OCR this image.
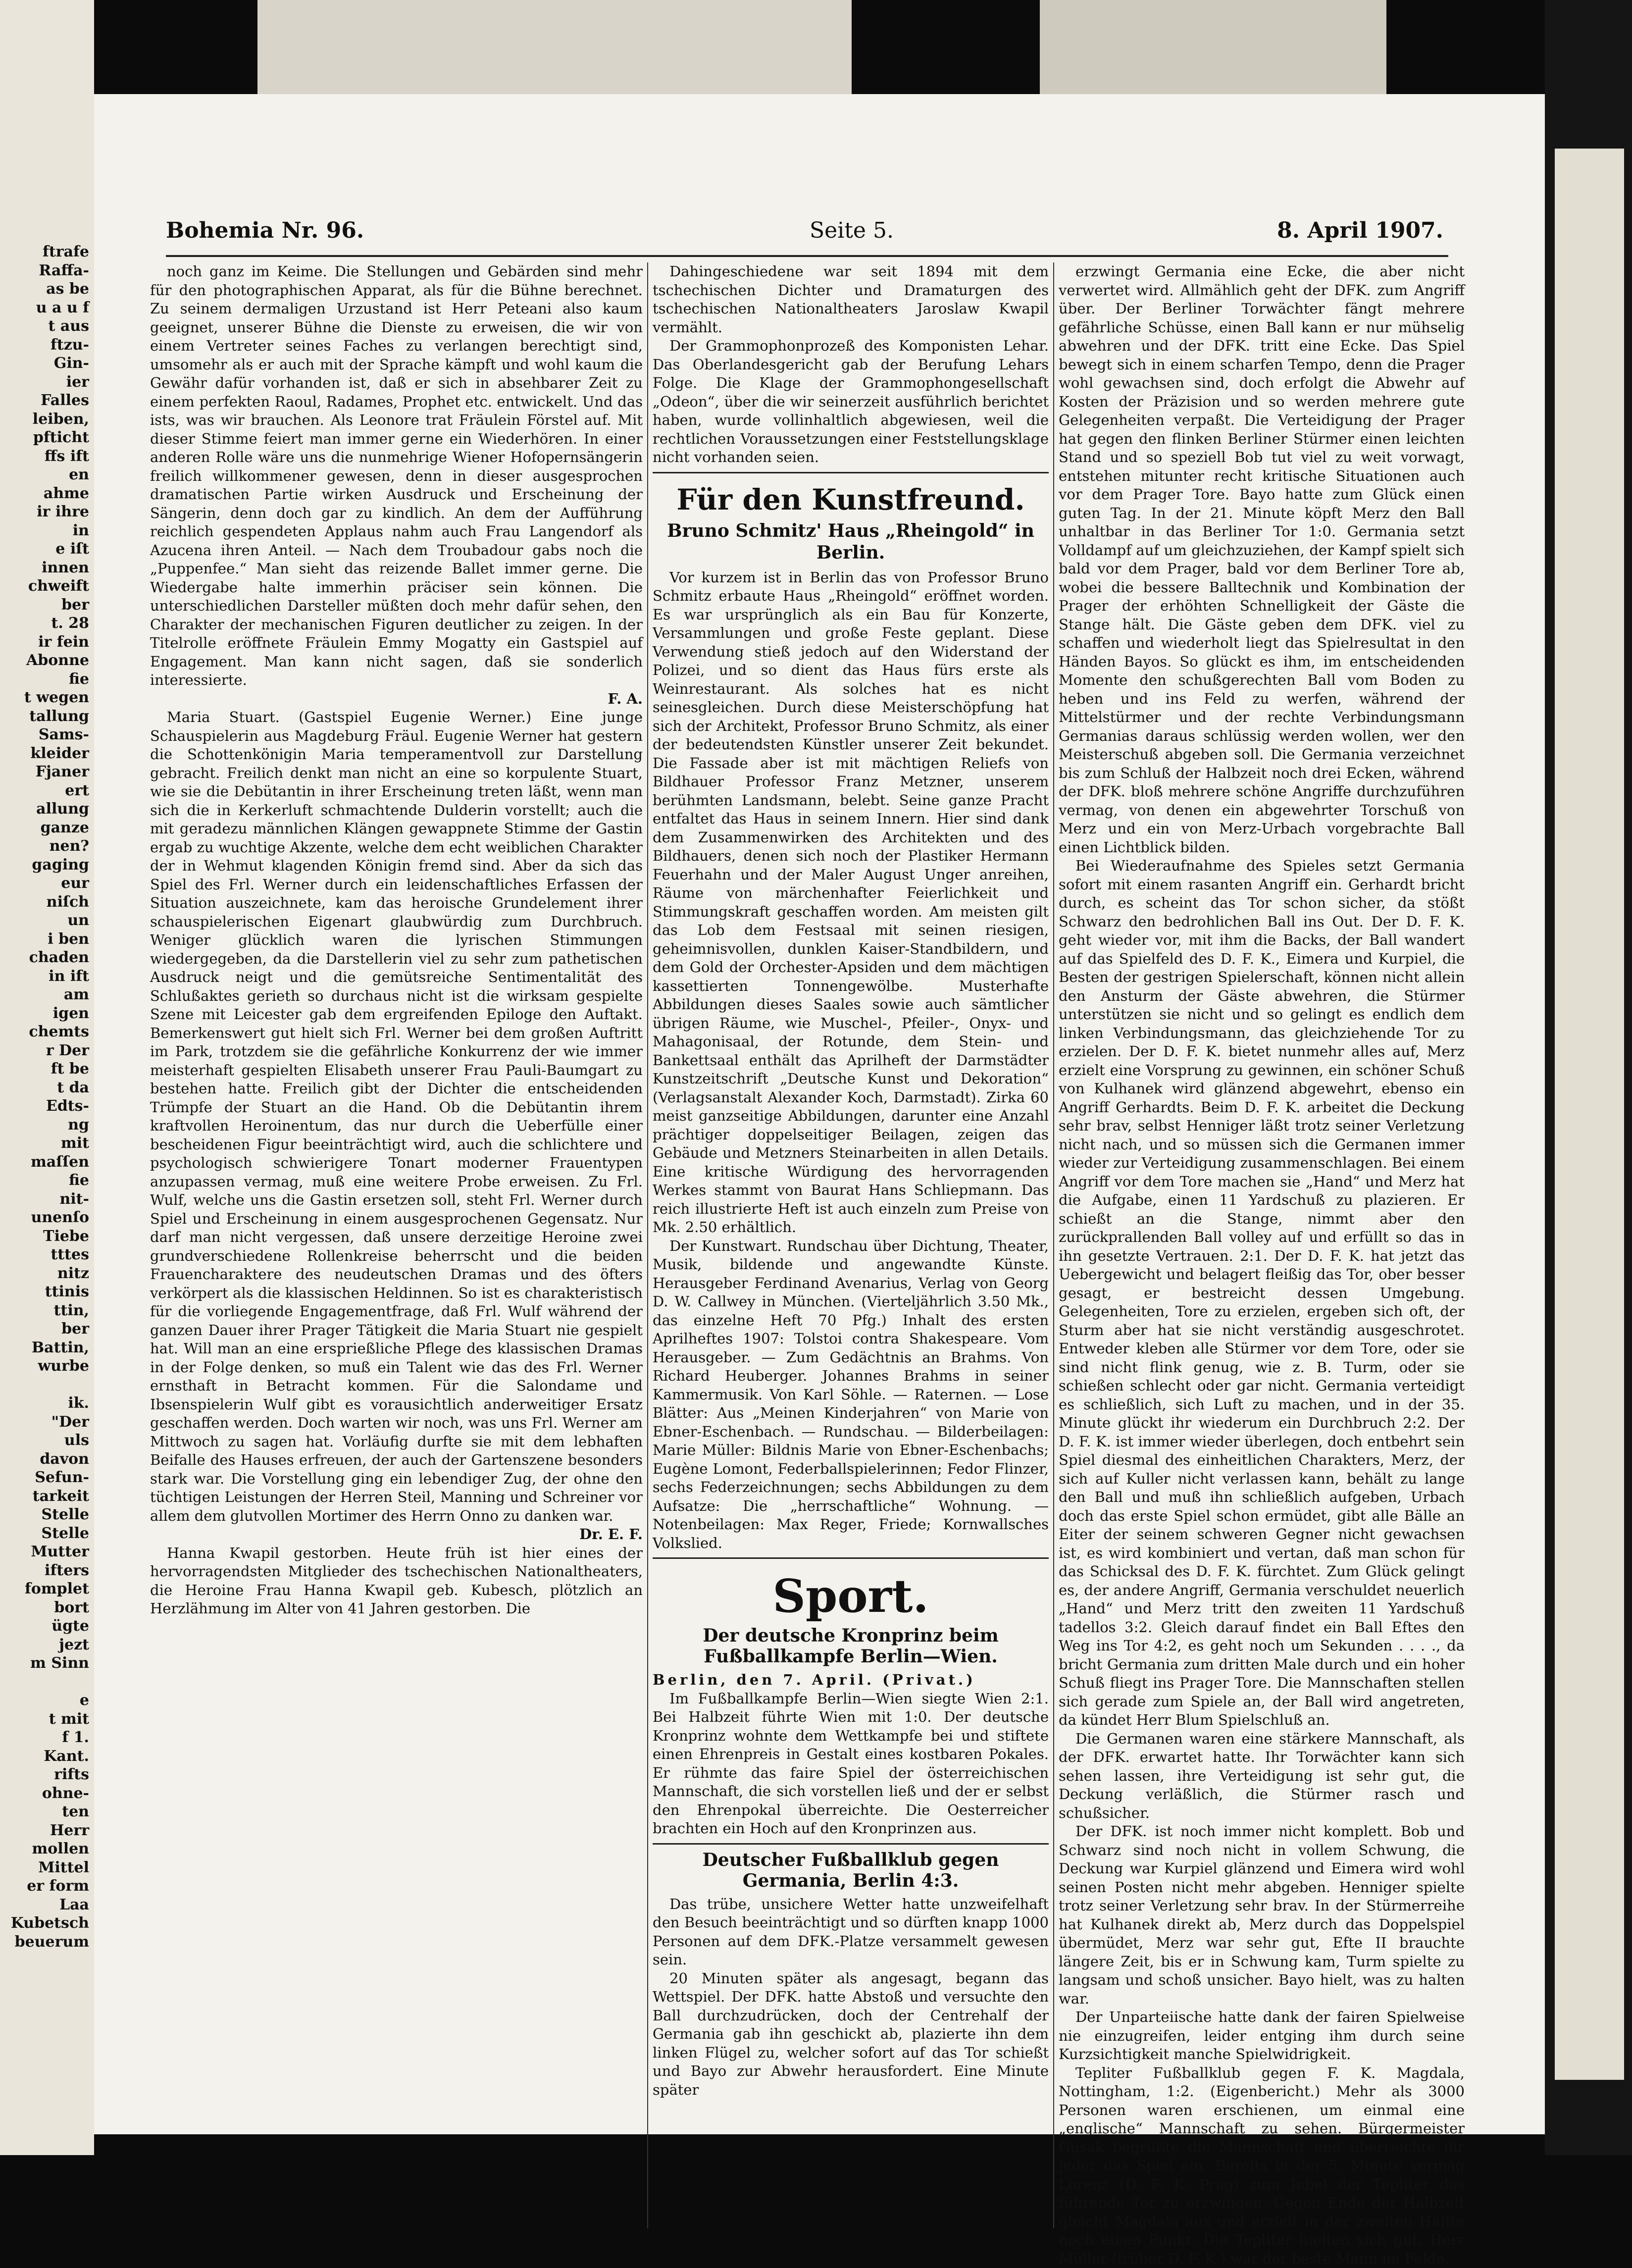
ftrafe
Raffa-
as be
u a u f
t aus
ftzu-
Gin-
ier
Falles
leiben,
pfticht
ffs ift
en
ahme
ir ihre
in
e iſt
innen
chweift
ber
t. 28
ir fein
Abonne
fie
t wegen
tallung
Sams-
kleider
Fjaner
ert
allung
ganze
nen?
gaging
eur
niſch
un
i ben
chaden
in ift
am
igen
chemts
r Der
ft be
t da
Edts-
ng
mit
maſſen
fie
nit-
unenſo
Tiebe
tttes
nitz
ttinis
ttin,
ber
Battin,
wurbe

ik.
"Der
uls
davon
Sefun-
tarkeit
Stelle
Stelle
Mutter
ifters
fomplet
bort
ügte
jezt
m Sinn

e
t mit
f 1.
Kant.
rifts
ohne-
ten
Herr
mollen
Mittel
er form
Laa
Kubetsch
beuerum
Bohemia Nr. 96.	Seite 5.	8. April 1907.

noch ganz im Keime. Die Stellungen und Gebärden sind mehr für den photographischen Apparat, als für die Bühne berechnet. Zu seinem dermaligen Urzustand ist Herr Peteani also kaum geeignet, unserer Bühne die Dienste zu erweisen, die wir von einem Vertreter seines Faches zu verlangen berechtigt sind, umsomehr als er auch mit der Sprache kämpft und wohl kaum die Gewähr dafür vorhanden ist, daß er sich in absehbarer Zeit zu einem perfekten Raoul, Radames, Prophet etc. entwickelt. Und das ists, was wir brauchen. Als Leonore trat Fräulein Förstel auf. Mit dieser Stimme feiert man immer gerne ein Wiederhören. In einer anderen Rolle wäre uns die nunmehrige Wiener Hofopernsängerin freilich willkommener gewesen, denn in dieser ausgesprochen dramatischen Partie wirken Ausdruck und Erscheinung der Sängerin, denn doch gar zu kindlich. An dem der Aufführung reichlich gespendeten Applaus nahm auch Frau Langendorf als Azucena ihren Anteil. — Nach dem Troubadour gabs noch die „Puppenfee.“ Man sieht das reizende Ballet immer gerne. Die Wiedergabe halte immerhin präciser sein können. Die unterschiedlichen Darsteller müßten doch mehr dafür sehen, den Charakter der mechanischen Figuren deutlicher zu zeigen. In der Titelrolle eröffnete Fräulein Emmy Mogatty ein Gastspiel auf Engagement. Man kann nicht sagen, daß sie sonderlich interessierte.

F. A.

Maria Stuart. (Gastspiel Eugenie Werner.) Eine junge Schauspielerin aus Magdeburg Fräul. Eugenie Werner hat gestern die Schottenkönigin Maria temperamentvoll zur Darstellung gebracht. Freilich denkt man nicht an eine so korpulente Stuart, wie sie die Debütantin in ihrer Erscheinung treten läßt, wenn man sich die in Kerkerluft schmachtende Dulderin vorstellt; auch die mit geradezu männlichen Klängen gewappnete Stimme der Gastin ergab zu wuchtige Akzente, welche dem echt weiblichen Charakter der in Wehmut klagenden Königin fremd sind. Aber da sich das Spiel des Frl. Werner durch ein leidenschaftliches Erfassen der Situation auszeichnete, kam das heroische Grundelement ihrer schauspielerischen Eigenart glaubwürdig zum Durchbruch. Weniger glücklich waren die lyrischen Stimmungen wiedergegeben, da die Darstellerin viel zu sehr zum pathetischen Ausdruck neigt und die gemütsreiche Sentimentalität des Schlußaktes gerieth so durchaus nicht ist die wirksam gespielte Szene mit Leicester gab dem ergreifenden Epiloge den Auftakt. Bemerkenswert gut hielt sich Frl. Werner bei dem großen Auftritt im Park, trotzdem sie die gefährliche Konkurrenz der wie immer meisterhaft gespielten Elisabeth unserer Frau Pauli-Baumgart zu bestehen hatte. Freilich gibt der Dichter die entscheidenden Trümpfe der Stuart an die Hand. Ob die Debütantin ihrem kraftvollen Heroinentum, das nur durch die Ueberfülle einer bescheidenen Figur beeinträchtigt wird, auch die schlichtere und psychologisch schwierigere Tonart moderner Frauentypen anzupassen vermag, muß eine weitere Probe erweisen. Zu Frl. Wulf, welche uns die Gastin ersetzen soll, steht Frl. Werner durch Spiel und Erscheinung in einem ausgesprochenen Gegensatz. Nur darf man nicht vergessen, daß unsere derzeitige Heroine zwei grundverschiedene Rollenkreise beherrscht und die beiden Frauencharaktere des neudeutschen Dramas und des öfters verkörpert als die klassischen Heldinnen. So ist es charakteristisch für die vorliegende Engagementfrage, daß Frl. Wulf während der ganzen Dauer ihrer Prager Tätigkeit die Maria Stuart nie gespielt hat. Will man an eine ersprießliche Pflege des klassischen Dramas in der Folge denken, so muß ein Talent wie das des Frl. Werner ernsthaft in Betracht kommen. Für die Salondame und Ibsenspielerin Wulf gibt es vorausichtlich anderweitiger Ersatz geschaffen werden. Doch warten wir noch, was uns Frl. Werner am Mittwoch zu sagen hat. Vorläufig durfte sie mit dem lebhaften Beifalle des Hauses erfreuen, der auch der Gartenszene besonders stark war. Die Vorstellung ging ein lebendiger Zug, der ohne den tüchtigen Leistungen der Herren Steil, Manning und Schreiner vor allem dem glutvollen Mortimer des Herrn Onno zu danken war.

Dr. E. F.

Hanna Kwapil gestorben. Heute früh ist hier eines der hervorragendsten Mitglieder des tschechischen Nationaltheaters, die Heroine Frau Hanna Kwapil geb. Kubesch, plötzlich an Herzlähmung im Alter von 41 Jahren gestorben. Die

Dahingeschiedene war seit 1894 mit dem tschechischen Dichter und Dramaturgen des tschechischen Nationaltheaters Jaroslaw Kwapil vermählt.

Der Grammophonprozeß des Komponisten Lehar. Das Oberlandesgericht gab der Berufung Lehars Folge. Die Klage der Grammophongesellschaft „Odeon“, über die wir seinerzeit ausführlich berichtet haben, wurde vollinhaltlich abgewiesen, weil die rechtlichen Voraussetzungen einer Feststellungsklage nicht vorhanden seien.

Für den Kunstfreund.
Bruno Schmitz' Haus „Rheingold“ in Berlin.

Vor kurzem ist in Berlin das von Professor Bruno Schmitz erbaute Haus „Rheingold“ eröffnet worden. Es war ursprünglich als ein Bau für Konzerte, Versammlungen und große Feste geplant. Diese Verwendung stieß jedoch auf den Widerstand der Polizei, und so dient das Haus fürs erste als Weinrestaurant. Als solches hat es nicht seinesgleichen. Durch diese Meisterschöpfung hat sich der Architekt, Professor Bruno Schmitz, als einer der bedeutendsten Künstler unserer Zeit bekundet. Die Fassade aber ist mit mächtigen Reliefs von Bildhauer Professor Franz Metzner, unserem berühmten Landsmann, belebt. Seine ganze Pracht entfaltet das Haus in seinem Innern. Hier sind dank dem Zusammenwirken des Architekten und des Bildhauers, denen sich noch der Plastiker Hermann Feuerhahn und der Maler August Unger anreihen, Räume von märchenhafter Feierlichkeit und Stimmungskraft geschaffen worden. Am meisten gilt das Lob dem Festsaal mit seinen riesigen, geheimnisvollen, dunklen Kaiser-Standbildern, und dem Gold der Orchester-Apsiden und dem mächtigen kassettierten Tonnengewölbe. Musterhafte Abbildungen dieses Saales sowie auch sämtlicher übrigen Räume, wie Muschel-, Pfeiler-, Onyx- und Mahagonisaal, der Rotunde, dem Stein- und Bankettsaal enthält das Aprilheft der Darmstädter Kunstzeitschrift „Deutsche Kunst und Dekoration“ (Verlagsanstalt Alexander Koch, Darmstadt). Zirka 60 meist ganzseitige Abbildungen, darunter eine Anzahl prächtiger doppelseitiger Beilagen, zeigen das Gebäude und Metzners Steinarbeiten in allen Details. Eine kritische Würdigung des hervorragenden Werkes stammt von Baurat Hans Schliepmann. Das reich illustrierte Heft ist auch einzeln zum Preise von Mk. 2.50 erhältlich.

Der Kunstwart. Rundschau über Dichtung, Theater, Musik, bildende und angewandte Künste. Herausgeber Ferdinand Avenarius, Verlag von Georg D. W. Callwey in München. (Vierteljährlich 3.50 Mk., das einzelne Heft 70 Pfg.) Inhalt des ersten Aprilheftes 1907: Tolstoi contra Shakespeare. Vom Herausgeber. — Zum Gedächtnis an Brahms. Von Richard Heuberger. Johannes Brahms in seiner Kammermusik. Von Karl Söhle. — Raternen. — Lose Blätter: Aus „Meinen Kinderjahren“ von Marie von Ebner-Eschenbach. — Rundschau. — Bilderbeilagen: Marie Müller: Bildnis Marie von Ebner-Eschenbachs; Eugène Lomont, Federballspielerinnen; Fedor Flinzer, sechs Federzeichnungen; sechs Abbildungen zu dem Aufsatze: Die „herrschaftliche“ Wohnung. — Notenbeilagen: Max Reger, Friede; Kornwallsches Volkslied.

Sport.
Der deutsche Kronprinz beim Fußballkampfe Berlin—Wien.

Berlin, den 7. April. (Privat.)

Im Fußballkampfe Berlin—Wien siegte Wien 2:1. Bei Halbzeit führte Wien mit 1:0. Der deutsche Kronprinz wohnte dem Wettkampfe bei und stiftete einen Ehrenpreis in Gestalt eines kostbaren Pokales. Er rühmte das faire Spiel der österreichischen Mannschaft, die sich vorstellen ließ und der er selbst den Ehrenpokal überreichte. Die Oesterreicher brachten ein Hoch auf den Kronprinzen aus.

Deutscher Fußballklub gegen Germania, Berlin 4:3.

Das trübe, unsichere Wetter hatte unzweifelhaft den Besuch beeinträchtigt und so dürften knapp 1000 Personen auf dem DFK.-Platze versammelt gewesen sein.

20 Minuten später als angesagt, begann das Wettspiel. Der DFK. hatte Abstoß und versuchte den Ball durchzudrücken, doch der Centrehalf der Germania gab ihn geschickt ab, plazierte ihn dem linken Flügel zu, welcher sofort auf das Tor schießt und Bayo zur Abwehr herausfordert. Eine Minute später

erzwingt Germania eine Ecke, die aber nicht verwertet wird. Allmählich geht der DFK. zum Angriff über. Der Berliner Torwächter fängt mehrere gefährliche Schüsse, einen Ball kann er nur mühselig abwehren und der DFK. tritt eine Ecke. Das Spiel bewegt sich in einem scharfen Tempo, denn die Prager wohl gewachsen sind, doch erfolgt die Abwehr auf Kosten der Präzision und so werden mehrere gute Gelegenheiten verpaßt. Die Verteidigung der Prager hat gegen den flinken Berliner Stürmer einen leichten Stand und so speziell Bob tut viel zu weit vorwagt, entstehen mitunter recht kritische Situationen auch vor dem Prager Tore. Bayo hatte zum Glück einen guten Tag. In der 21. Minute köpft Merz den Ball unhaltbar in das Berliner Tor 1:0. Germania setzt Volldampf auf um gleichzuziehen, der Kampf spielt sich bald vor dem Prager, bald vor dem Berliner Tore ab, wobei die bessere Balltechnik und Kombination der Prager der erhöhten Schnelligkeit der Gäste die Stange hält. Die Gäste geben dem DFK. viel zu schaffen und wiederholt liegt das Spielresultat in den Händen Bayos. So glückt es ihm, im entscheidenden Momente den schußgerechten Ball vom Boden zu heben und ins Feld zu werfen, während der Mittelstürmer und der rechte Verbindungsmann Germanias daraus schlüssig werden wollen, wer den Meisterschuß abgeben soll. Die Germania verzeichnet bis zum Schluß der Halbzeit noch drei Ecken, während der DFK. bloß mehrere schöne Angriffe durchzuführen vermag, von denen ein abgewehrter Torschuß von Merz und ein von Merz-Urbach vorgebrachte Ball einen Lichtblick bilden.

Bei Wiederaufnahme des Spieles setzt Germania sofort mit einem rasanten Angriff ein. Gerhardt bricht durch, es scheint das Tor schon sicher, da stößt Schwarz den bedrohlichen Ball ins Out. Der D. F. K. geht wieder vor, mit ihm die Backs, der Ball wandert auf das Spielfeld des D. F. K., Eimera und Kurpiel, die Besten der gestrigen Spielerschaft, können nicht allein den Ansturm der Gäste abwehren, die Stürmer unterstützen sie nicht und so gelingt es endlich dem linken Verbindungsmann, das gleichziehende Tor zu erzielen. Der D. F. K. bietet nunmehr alles auf, Merz erzielt eine Vorsprung zu gewinnen, ein schöner Schuß von Kulhanek wird glänzend abgewehrt, ebenso ein Angriff Gerhardts. Beim D. F. K. arbeitet die Deckung sehr brav, selbst Henniger läßt trotz seiner Verletzung nicht nach, und so müssen sich die Germanen immer wieder zur Verteidigung zusammenschlagen. Bei einem Angriff vor dem Tore machen sie „Hand“ und Merz hat die Aufgabe, einen 11 Yardschuß zu plazieren. Er schießt an die Stange, nimmt aber den zurückprallenden Ball volley auf und erfüllt so das in ihn gesetzte Vertrauen. 2:1. Der D. F. K. hat jetzt das Uebergewicht und belagert fleißig das Tor, ober besser gesagt, er bestreicht dessen Umgebung. Gelegenheiten, Tore zu erzielen, ergeben sich oft, der Sturm aber hat sie nicht verständig ausgeschrotet. Entweder kleben alle Stürmer vor dem Tore, oder sie sind nicht flink genug, wie z. B. Turm, oder sie schießen schlecht oder gar nicht. Germania verteidigt es schließlich, sich Luft zu machen, und in der 35. Minute glückt ihr wiederum ein Durchbruch 2:2. Der D. F. K. ist immer wieder überlegen, doch entbehrt sein Spiel diesmal des einheitlichen Charakters, Merz, der sich auf Kuller nicht verlassen kann, behält zu lange den Ball und muß ihn schließlich aufgeben, Urbach doch das erste Spiel schon ermüdet, gibt alle Bälle an Eiter der seinem schweren Gegner nicht gewachsen ist, es wird kombiniert und vertan, daß man schon für das Schicksal des D. F. K. fürchtet. Zum Glück gelingt es, der andere Angriff, Germania verschuldet neuerlich „Hand“ und Merz tritt den zweiten 11 Yardschuß tadellos 3:2. Gleich darauf findet ein Ball Eftes den Weg ins Tor 4:2, es geht noch um Sekunden . . . ., da bricht Germania zum dritten Male durch und ein hoher Schuß fliegt ins Prager Tore. Die Mannschaften stellen sich gerade zum Spiele an, der Ball wird angetreten, da kündet Herr Blum Spielschluß an.

Die Germanen waren eine stärkere Mannschaft, als der DFK. erwartet hatte. Ihr Torwächter kann sich sehen lassen, ihre Verteidigung ist sehr gut, die Deckung verläßlich, die Stürmer rasch und schußsicher.

Der DFK. ist noch immer nicht komplett. Bob und Schwarz sind noch nicht in vollem Schwung, die Deckung war Kurpiel glänzend und Eimera wird wohl seinen Posten nicht mehr abgeben. Henniger spielte trotz seiner Verletzung sehr brav. In der Stürmerreihe hat Kulhanek direkt ab, Merz durch das Doppelspiel übermüdet, Merz war sehr gut, Efte II brauchte längere Zeit, bis er in Schwung kam, Turm spielte zu langsam und schoß unsicher. Bayo hielt, was zu halten war.

Der Unparteiische hatte dank der fairen Spielweise nie einzugreifen, leider entging ihm durch seine Kurzsichtigkeit manche Spielwidrigkeit.

Tepliter Fußballklub gegen F. K. Magdala, Nottingham, 1:2. (Eigenbericht.) Mehr als 3000 Personen waren erschienen, um einmal eine „englische“ Mannschaft zu sehen. Bürgermeister Gusak begrüßte die Mannschaft und überreichte ihr jeder das Spiel ein. Bereits in der 5. Minute vermag Lorenz (D. F. K. Prag) zum Jubel der Tepliter das führende Tor zu erzwingen. Gegen Ende der Halbzeit gleicht Magdala aus und erzielt in der zweiten Hälfte noch einen Punkt. Die Tepliter hielten sich gut, Herr Müller (früher D. F. K.) war der beste Mann im Felde.
